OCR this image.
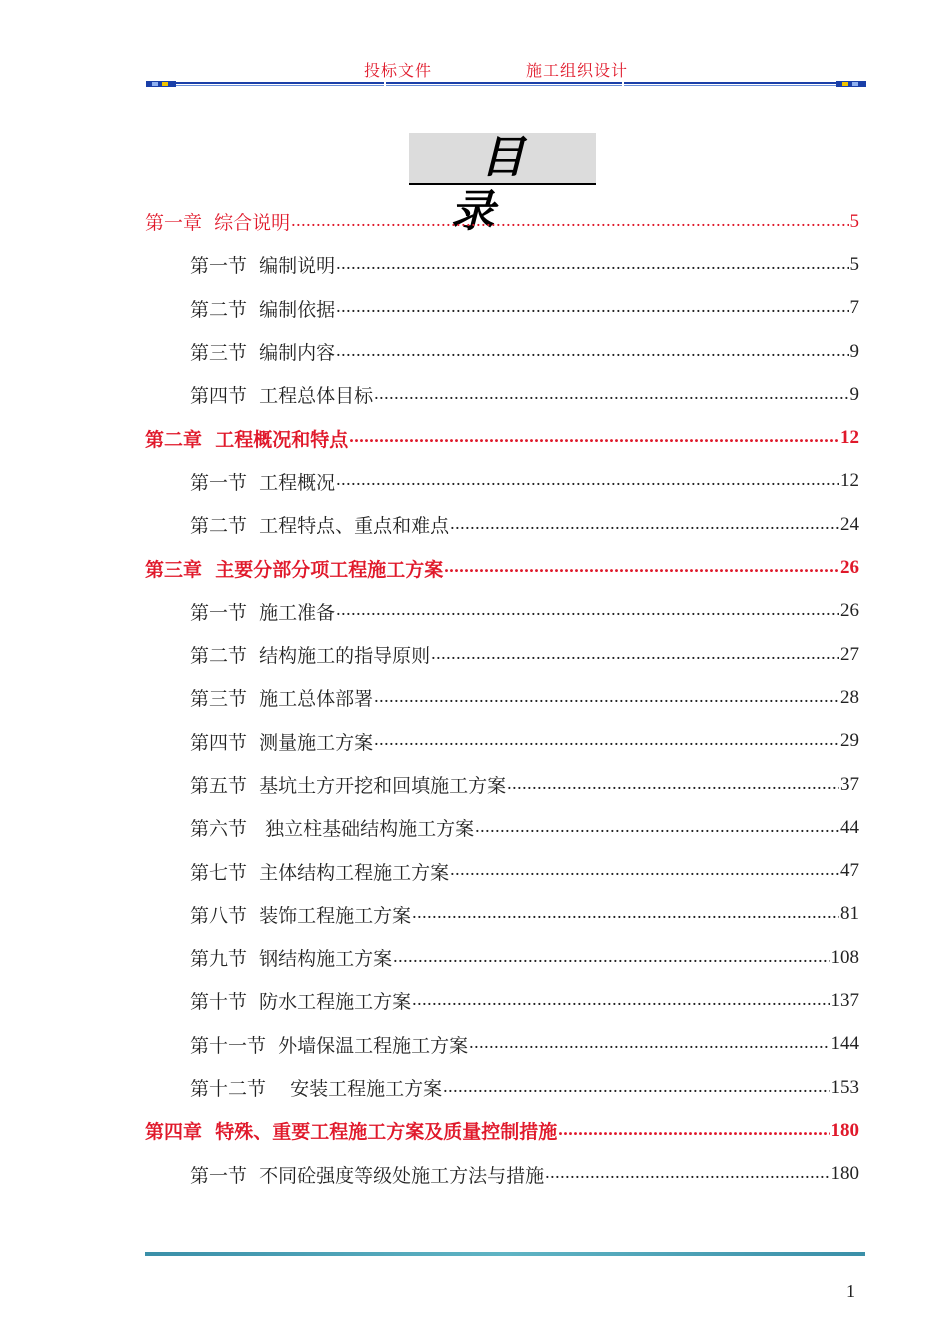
投标文件	施工组织设计
目录
第一章  综合说明 .....	5
第一节  编制说明 .....	5
第二节  编制依据 .....	7
第三节  编制内容 .....	9
第四节  工程总体目标 .....	9
第二章  工程概况和特点 .....	12
第一节  工程概况 .....	12
第二节  工程特点、重点和难点 .....	24
第三章  主要分部分项工程施工方案 .....	26
第一节  施工准备 .....	26
第二节  结构施工的指导原则 .....	27
第三节  施工总体部署 .....	28
第四节  测量施工方案 .....	29
第五节  基坑土方开挖和回填施工方案 .....	37
第六节   独立柱基础结构施工方案 .....	44
第七节  主体结构工程施工方案 .....	47
第八节  装饰工程施工方案 .....	81
第九节  钢结构施工方案 .....	108
第十节  防水工程施工方案 .....	137
第十一节  外墙保温工程施工方案 .....	144
第十二节    安装工程施工方案 .....	153
第四章  特殊、重要工程施工方案及质量控制措施 .....	180
第一节  不同砼强度等级处施工方法与措施 .....	180
1
